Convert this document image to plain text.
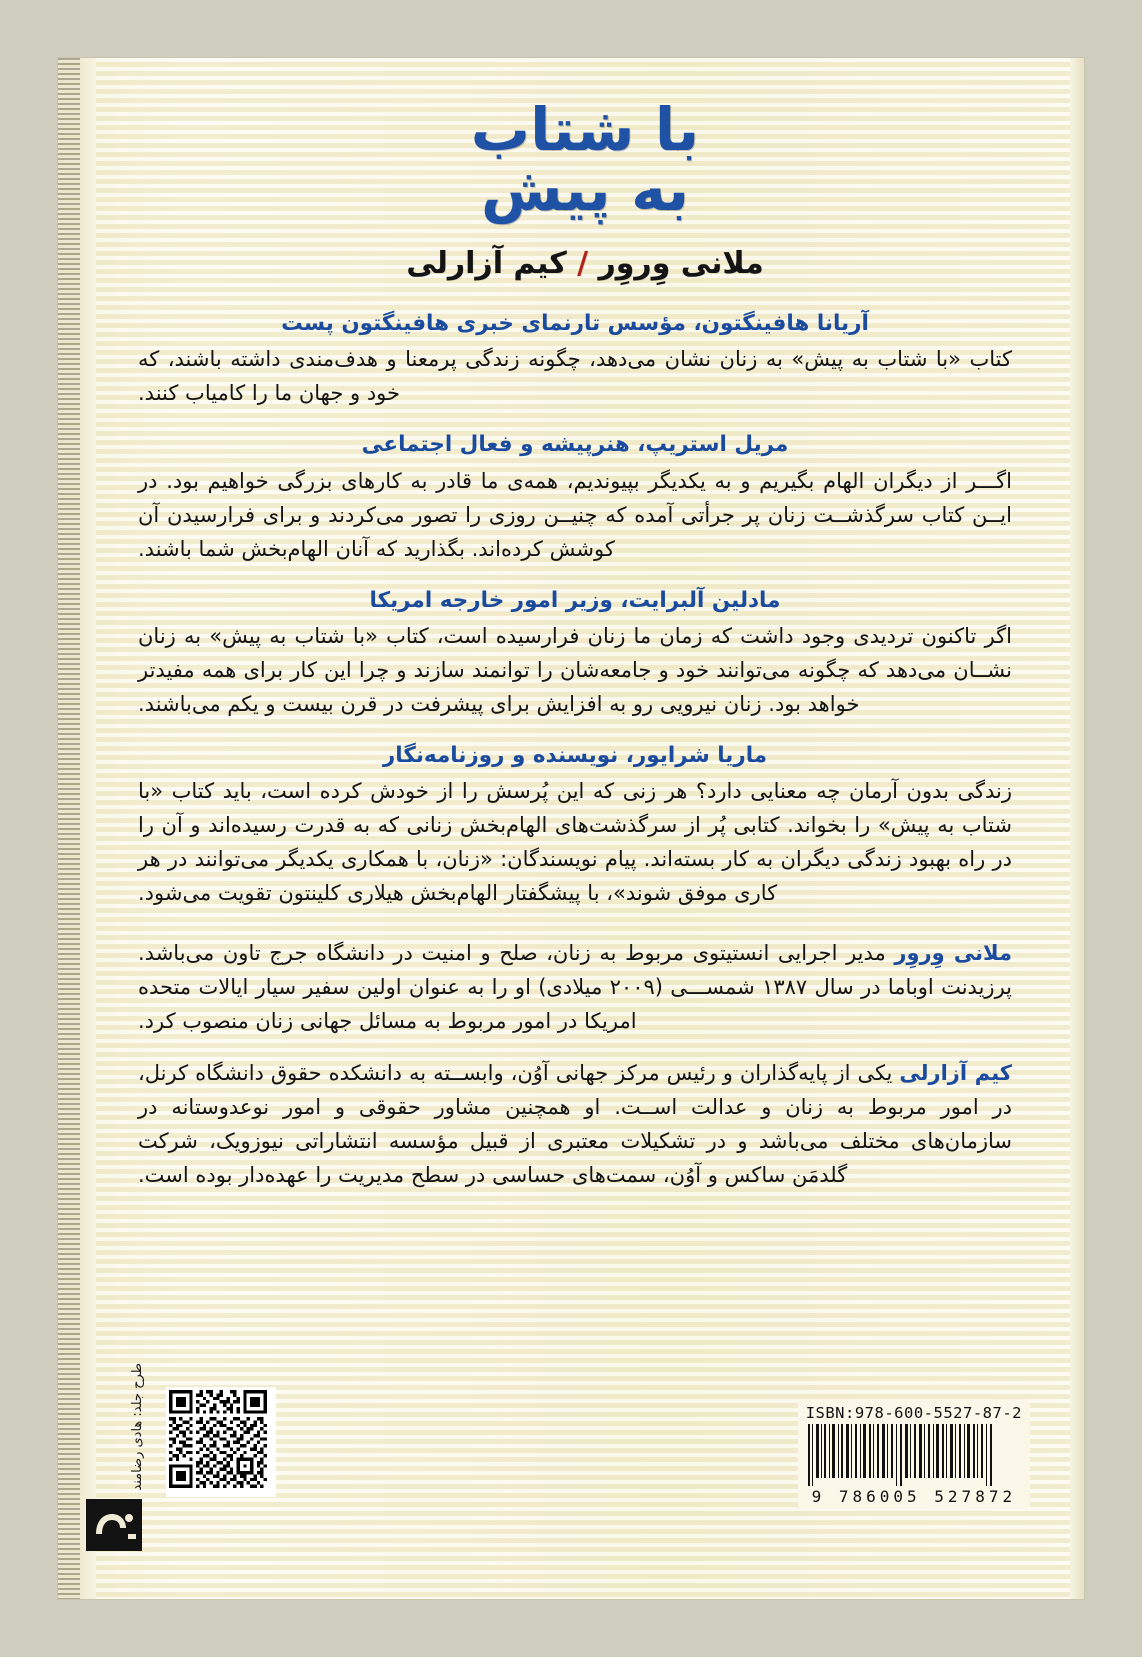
با شتاب
به پیش
ملانی وِروِر / کیم آزارلی
آریانا هافینگتون، مؤسس تارنمای خبری هافینگتون پست
کتاب «با شتاب به پیش» به زنان نشان می‌دهد، چگونه زندگی پرمعنا و هدف‌مندی داشته باشند، که خود و جهان ما را کامیاب کنند.
مریل استریپ، هنرپیشه و فعال اجتماعی
اگـــر از دیگران الهام بگیریم و به یکدیگر بپیوندیم، همه‌ی ما قادر به کارهای بزرگی خواهیم بود. در ایــن کتاب سرگذشــت زنان پر جرأتی آمده که چنیــن روزی را تصور می‌کردند و برای فرارسیدن آن کوشش کرده‌اند. بگذارید که آنان الهام‌بخش شما باشند.
مادلین آلبرایت، وزیر امور خارجه امریکا
اگر تاکنون تردیدی وجود داشت که زمان ما زنان فرارسیده است، کتاب «با شتاب به پیش» به زنان نشــان می‌دهد که چگونه می‌توانند خود و جامعه‌شان را توانمند سازند و چرا این کار برای همه مفیدتر خواهد بود. زنان نیرویی رو به افزایش برای پیشرفت در قرن بیست و یکم می‌باشند.
ماریا شرایور، نویسنده و روزنامه‌نگار
زندگی بدون آرمان چه معنایی دارد؟ هر زنی که این پُرسش را از خودش کرده است، باید کتاب «با شتاب به پیش» را بخواند. کتابی پُر از سرگذشت‌های الهام‌بخش زنانی که به قدرت رسیده‌اند و آن را در راه بهبود زندگی دیگران به کار بسته‌اند. پیام نویسندگان: «زنان، با همکاری یکدیگر می‌توانند در هر کاری موفق شوند»، با پیشگفتار الهام‌بخش هیلاری کلینتون تقویت می‌شود.
ملانی وِروِر مدیر اجرایی انستیتوی مربوط به زنان، صلح و امنیت در دانشگاه جرج تاون می‌باشد. پرزیدنت اوباما در سال ۱۳۸۷ شمســـی (۲۰۰۹ میلادی) او را به عنوان اولین سفیر سیار ایالات متحده امریکا در امور مربوط به مسائل جهانی زنان منصوب کرد.
کیم آزارلی یکی از پایه‌گذاران و رئیس مرکز جهانی آوُن، وابســته به دانشکده حقوق دانشگاه کرنل، در امور مربوط به زنان و عدالت اســت. او همچنین مشاور حقوقی و امور نوعدوستانه در سازمان‌های مختلف می‌باشد و در تشکیلات معتبری از قبیل مؤسسه انتشاراتی نیوزویک، شرکت گلدمَن ساکس و آوُن، سمت‌های حساسی در سطح مدیریت را عهده‌دار بوده است.
طرح جلد: هادی رضامند	ISBN:978-600-5527-87-2
9 786005 527872
